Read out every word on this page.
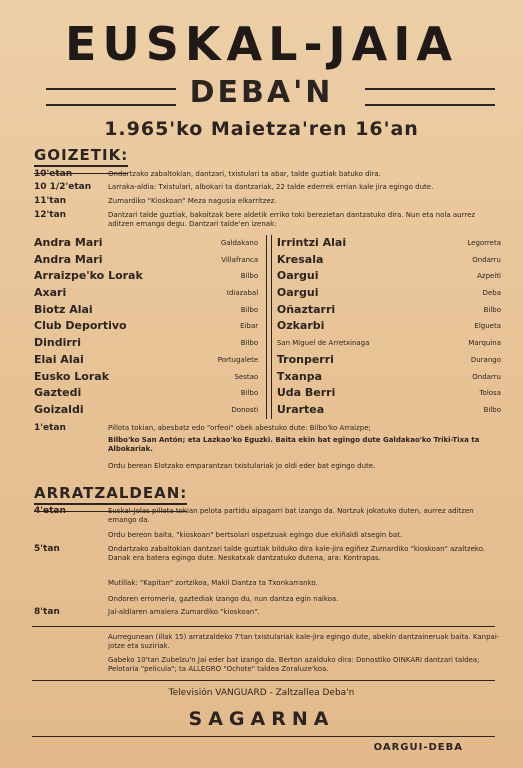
EUSKAL-JAIA
DEBA'N
1.965'ko Maietza'ren 16'an
GOIZETIK:
10'etan	Ondartzako zabaltokian, dantzari, txistulari ta abar, talde guztiak batuko dira.
10 1/2'etan Larraka-aldia: Txistulari, albokari ta dantzariak, 22 talde ederrek errian kale jira egingo dute.
11'tan	Zumardiko "Kioskoan" Meza nagusia elkarritzez.
12'tan	Dantzari talde guztiak, bakoitzak bere aldetik erriko toki berezietan dantzatuko dira. Nun eta nola aurrez aditzen emango degu. Dantzari talde'en izenak:
Andra Mari	Galdakano
Andra Mari	Villafranca
Arraizpe'ko Lorak	Bilbo
Axari	Idiazabal
Biotz Alai	Bilbo
Club Deportivo	Eibar
Dindirri	Bilbo
Elai Alai	Portugalete
Eusko Lorak	Sestao
Gaztedi	Bilbo
Goizaldi	Donosti
Irrintzi Alai	Legorreta
Kresala	Ondarru
Oargui	Azpeiti
Oargui	Deba
Oñaztarri	Bilbo
Ozkarbi	Elgueta
San Miguel de Arretxinaga	Marquina
Tronperri	Durango
Txanpa	Ondarru
Uda Berri	Tolosa
Urartea	Bilbo
1'etan	Pillota tokian, abesbatz edo "orfeoi" obek abestuko dute: Bilbo'ko Arraizpe;
Bilbo'ko San Antón; eta Lazkao'ko Eguzki. Baita ekin bat egingo dute Galdakao'ko Triki-Tixa ta Albokariak.
Ordu berean Elotzako emparantzan txistulariak jo oldi eder bat egingo dute.
ARRATZALDEAN:
4'etan	Euskal-Jolas pillota tokian pelota partidu aipagarri bat izango da. Nortzuk jokatuko duten, aurrez aditzen emango da.
Ordu bereon baita, "kioskoan" bertsolari ospetzuak egingo due ekiñaldi atsegin bat.
5'tan	Ondartzako zabaltokian dantzari talde guztiak bilduko dira kale-jira egiñez Zumardiko "kioskoan" azaltzeko. Danak era batera egingo dute. Neskatxak dantzatuko dutena, ara: Kontrapas.
Mutillak: "Kapitan" zortzikoa, Makil Dantza ta Txonkarranko.
Ondoren erromeria, gaztediak izango du, nun dantza egin naikoa.
8'tan	Jai-aldiaren amaiera Zumardiko "kioskoan".
Aurregunean (illak 15) arratzaldeko 7'tan txistulariak kale-jira egingo dute, abekin dantzaineruak baita. Kanpai-jotze eta suziriak.
Gabeko 10'tan Zubelzu'n Jai eder bat izango da. Berton azalduko dira: Donostiko OINKARI dantzari taldea; Pelotaria "pelicula"; ta ALLEGRO "Ochote" taldea Zoraluze'koa.
Televisión VANGUARD - Zaltzallea Deba'n
SAGARNA
OARGUI-DEBA
